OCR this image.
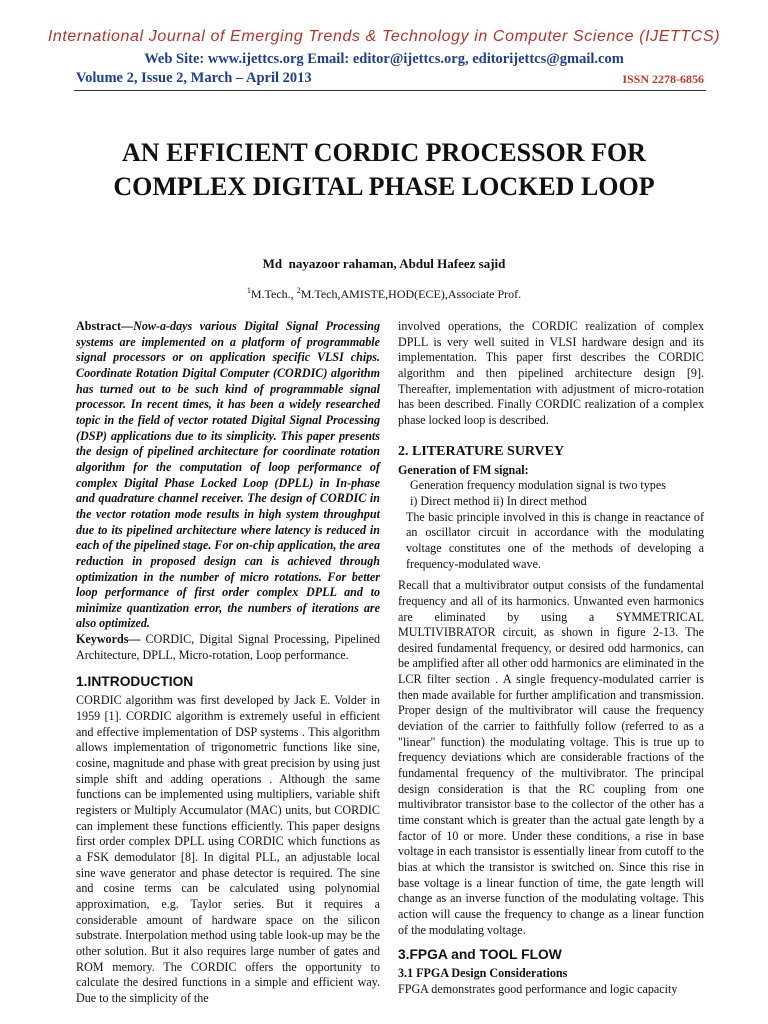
International Journal of Emerging Trends & Technology in Computer Science (IJETTCS)
Web Site: www.ijettcs.org Email: editor@ijettcs.org, editorijettcs@gmail.com
Volume 2, Issue 2, March – April 2013	ISSN 2278-6856
AN EFFICIENT CORDIC PROCESSOR FOR COMPLEX DIGITAL PHASE LOCKED LOOP
Md  nayazoor rahaman, Abdul Hafeez sajid
$^1$M.Tech., $^2$M.Tech,AMISTE,HOD(ECE),Associate Prof.

Abstract—Now-a-days various Digital Signal Processing systems are implemented on a platform of programmable signal processors or on application specific VLSI chips. Coordinate Rotation Digital Computer (CORDIC) algorithm has turned out to be such kind of programmable signal processor. In recent times, it has been a widely researched topic in the field of vector rotated Digital Signal Processing (DSP) applications due to its simplicity. This paper presents the design of pipelined architecture for coordinate rotation algorithm for the computation of loop performance of complex Digital Phase Locked Loop (DPLL) in In-phase and quadrature channel receiver. The design of CORDIC in the vector rotation mode results in high system throughput due to its pipelined architecture where latency is reduced in each of the pipelined stage. For on-chip application, the area reduction in proposed design can is achieved through optimization in the number of micro rotations. For better loop performance of first order complex DPLL and to minimize quantization error, the numbers of iterations are also optimized.

Keywords— CORDIC, Digital Signal Processing, Pipelined Architecture, DPLL, Micro-rotation, Loop performance.

1.INTRODUCTION

CORDIC algorithm was first developed by Jack E. Volder in 1959 [1]. CORDIC algorithm is extremely useful in efficient and effective implementation of DSP systems . This algorithm allows implementation of trigonometric functions like sine, cosine, magnitude and phase with great precision by using just simple shift and adding operations . Although the same functions can be implemented using multipliers, variable shift registers or Multiply Accumulator (MAC) units, but CORDIC can implement these functions efficiently. This paper designs first order complex DPLL using CORDIC which functions as a FSK demodulator [8]. In digital PLL, an adjustable local sine wave generator and phase detector is required. The sine and cosine terms can be calculated using polynomial approximation, e.g. Taylor series. But it requires a considerable amount of hardware space on the silicon substrate. Interpolation method using table look-up may be the other solution. But it also requires large number of gates and ROM memory. The CORDIC offers the opportunity to calculate the desired functions in a simple and efficient way. Due to the simplicity of the

involved operations, the CORDIC realization of complex DPLL is very well suited in VLSI hardware design and its implementation. This paper first describes the CORDIC algorithm and then pipelined architecture design [9]. Thereafter, implementation with adjustment of micro-rotation has been described. Finally CORDIC realization of a complex phase locked loop is described.

2. LITERATURE SURVEY
Generation of FM signal:

Generation frequency modulation signal is two types

i) Direct method ii) In direct method

The basic principle involved in this is change in reactance of an oscillator circuit in accordance with the modulating voltage constitutes one of the methods of developing a frequency-modulated wave.

Recall that a multivibrator output consists of the fundamental frequency and all of its harmonics. Unwanted even harmonics are eliminated by using a SYMMETRICAL MULTIVIBRATOR circuit, as shown in figure 2-13. The desired fundamental frequency, or desired odd harmonics, can be amplified after all other odd harmonics are eliminated in the LCR filter section . A single frequency-modulated carrier is then made available for further amplification and transmission. Proper design of the multivibrator will cause the frequency deviation of the carrier to faithfully follow (referred to as a "linear" function) the modulating voltage. This is true up to frequency deviations which are considerable fractions of the fundamental frequency of the multivibrator. The principal design consideration is that the RC coupling from one multivibrator transistor base to the collector of the other has a time constant which is greater than the actual gate length by a factor of 10 or more. Under these conditions, a rise in base voltage in each transistor is essentially linear from cutoff to the bias at which the transistor is switched on. Since this rise in base voltage is a linear function of time, the gate length will change as an inverse function of the modulating voltage. This action will cause the frequency to change as a linear function of the modulating voltage.

3.FPGA and TOOL FLOW
3.1 FPGA Design Considerations

FPGA demonstrates good performance and logic capacity
